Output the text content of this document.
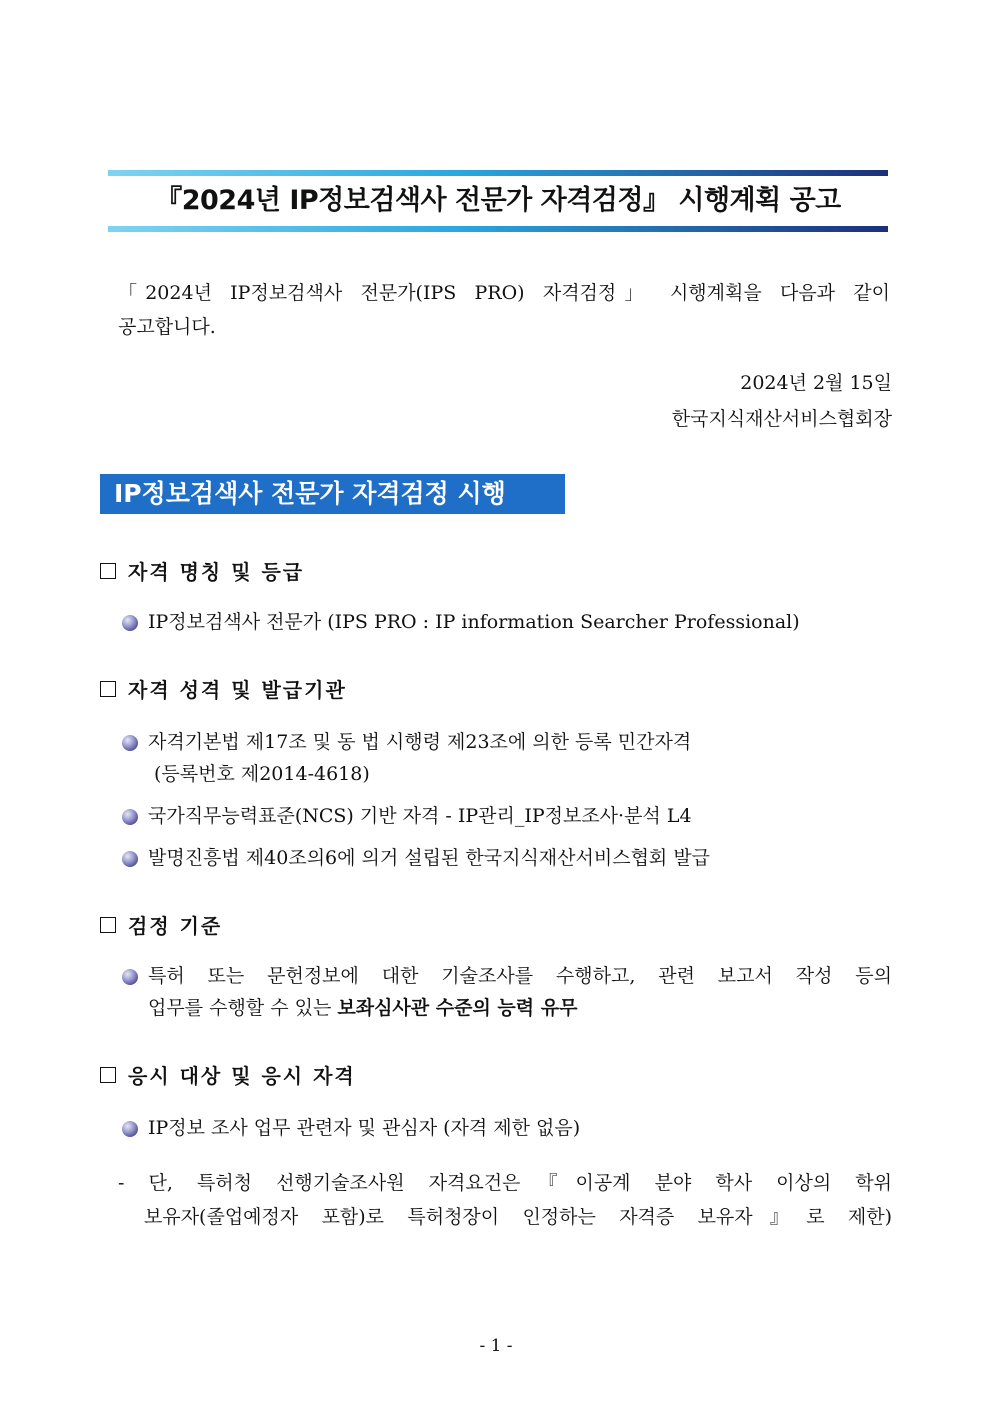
『2024년 IP정보검색사 전문가 자격검정』 시행계획 공고
「2024년 IP정보검색사 전문가(IPS PRO) 자격검정」 시행계획을 다음과 같이
공고합니다.
2024년 2월 15일
한국지식재산서비스협회장
IP정보검색사 전문가 자격검정 시행
자격 명칭 및 등급
IP정보검색사 전문가 (IPS PRO : IP information Searcher Professional)
자격 성격 및 발급기관
자격기본법 제17조 및 동 법 시행령 제23조에 의한 등록 민간자격
(등록번호 제2014-4618)
국가직무능력표준(NCS) 기반 자격 - IP관리_IP정보조사·분석 L4
발명진흥법 제40조의6에 의거 설립된 한국지식재산서비스협회 발급
검정 기준
특허 또는 문헌정보에 대한 기술조사를 수행하고, 관련 보고서 작성 등의
업무를 수행할 수 있는 보좌심사관 수준의 능력 유무
응시 대상 및 응시 자격
IP정보 조사 업무 관련자 및 관심자 (자격 제한 없음)
- 단, 특허청 선행기술조사원 자격요건은『이공계 분야 학사 이상의 학위
보유자(졸업예정자 포함)로 특허청장이 인정하는 자격증 보유자』로 제한)
- 1 -
